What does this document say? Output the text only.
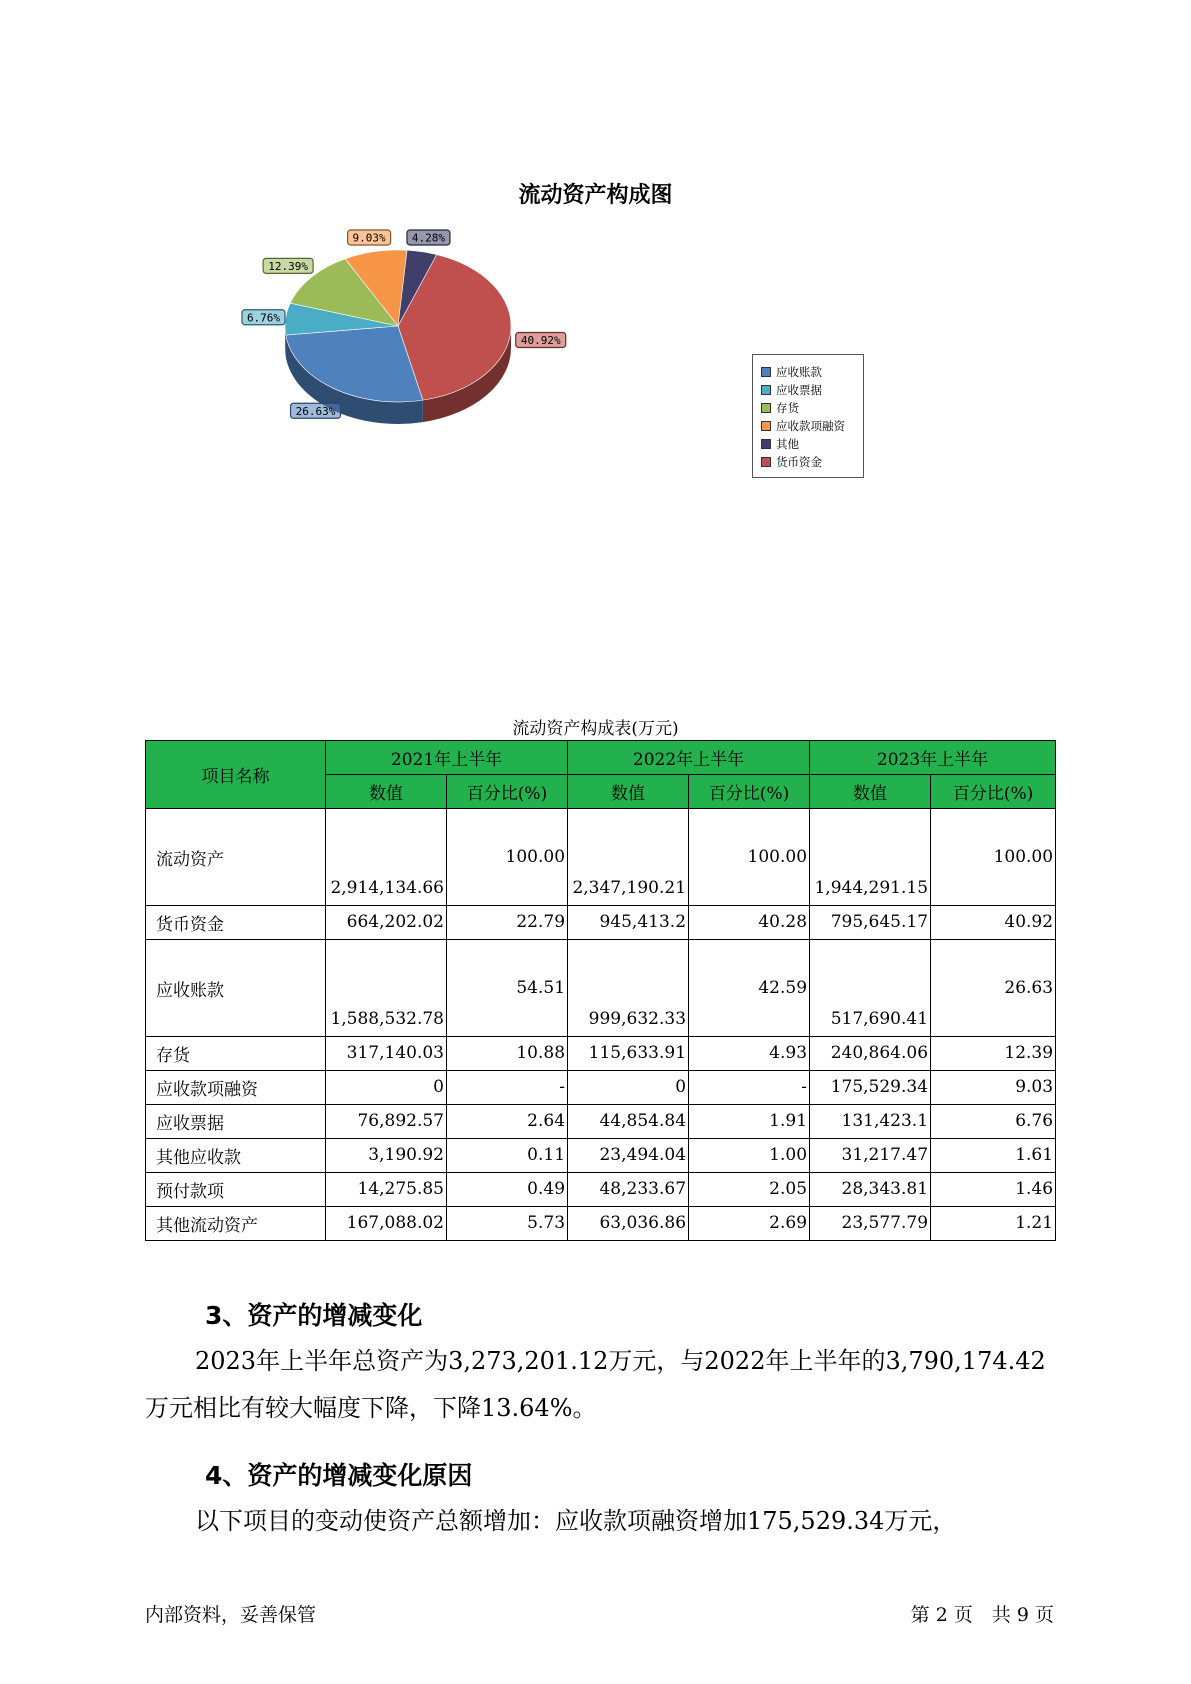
流动资产构成图
40.92%
26.63%
6.76%
12.39%
9.03% 4.28%
应收账款
应收票据
存货
应收款项融资
其他
货币资金
流动资产构成表(万元)
项目名称	2021年上半年		2022年上半年		2023年上半年	
	数值	百分比(%)	数值	百分比(%)	数值	百分比(%)
流动资产	2,914,134.66	100.00	2,347,190.21	100.00	1,944,291.15	100.00
货币资金	664,202.02	22.79	945,413.2	40.28	795,645.17	40.92
应收账款	1,588,532.78	54.51	999,632.33	42.59	517,690.41	26.63
存货	317,140.03	10.88	115,633.91	4.93	240,864.06	12.39
应收款项融资	0	-	0	-	175,529.34	9.03
应收票据	76,892.57	2.64	44,854.84	1.91	131,423.1	6.76
其他应收款	3,190.92	0.11	23,494.04	1.00	31,217.47	1.61
预付款项	14,275.85	0.49	48,233.67	2.05	28,343.81	1.46
其他流动资产	167,088.02	5.73	63,036.86	2.69	23,577.79	1.21
3、资产的增减变化

2023年上半年总资产为3,273,201.12万元，与2022年上半年的3,790,174.42万元相比有较大幅度下降，下降13.64%。

4、资产的增减变化原因

以下项目的变动使资产总额增加：应收款项融资增加175,529.34万元，

内部资料，妥善保管	第 2 页　共 9 页
